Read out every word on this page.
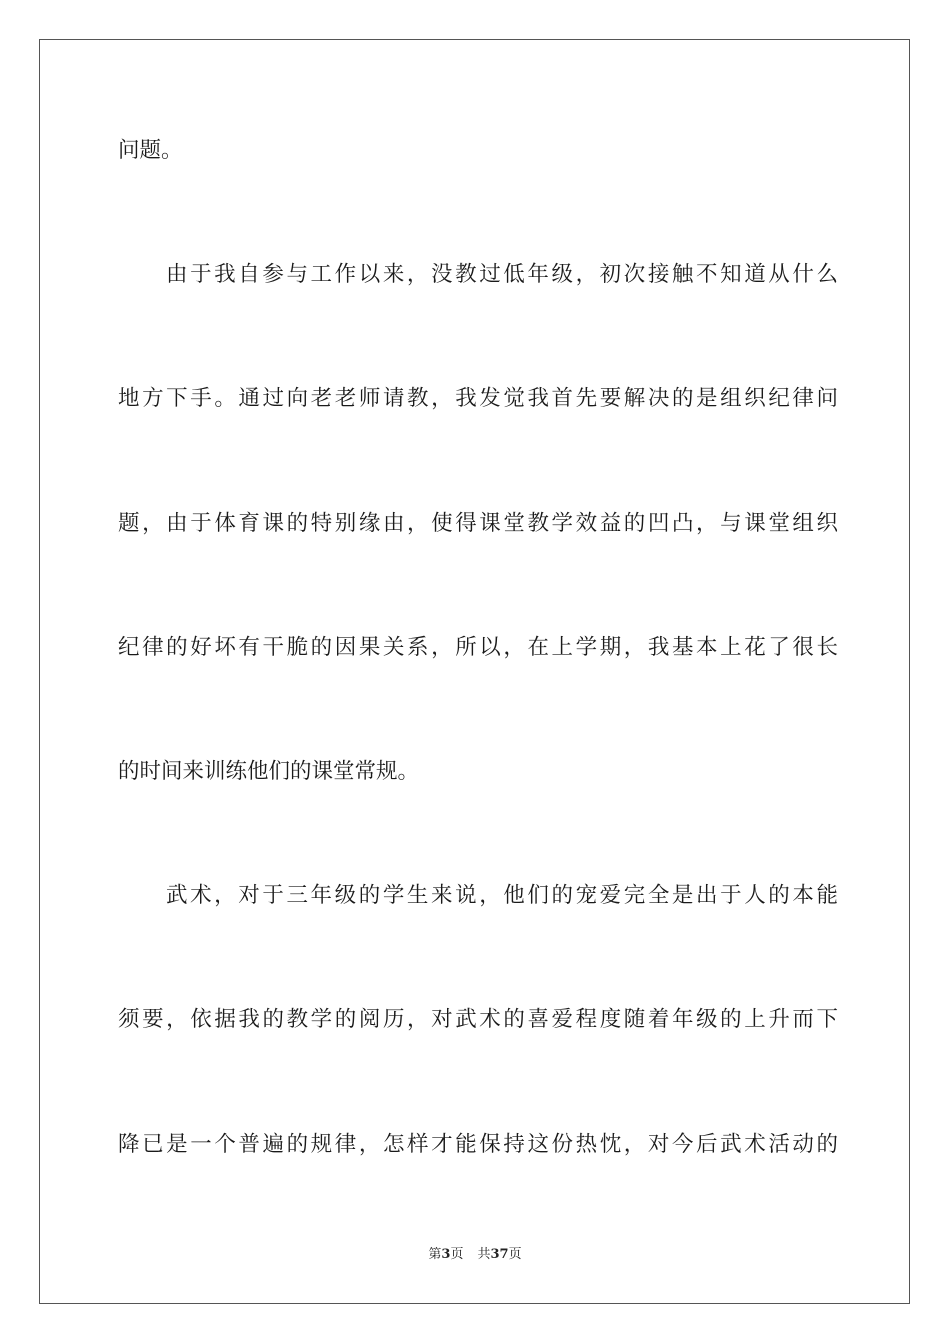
问题。
由于我自参与工作以来，没教过低年级，初次接触不知道从什么
地方下手。通过向老老师请教，我发觉我首先要解决的是组织纪律问
题，由于体育课的特别缘由，使得课堂教学效益的凹凸，与课堂组织
纪律的好坏有干脆的因果关系，所以，在上学期，我基本上花了很长
的时间来训练他们的课堂常规。
武术，对于三年级的学生来说，他们的宠爱完全是出于人的本能
须要，依据我的教学的阅历，对武术的喜爱程度随着年级的上升而下
降已是一个普遍的规律，怎样才能保持这份热忱，对今后武术活动的
第3页 共37页
